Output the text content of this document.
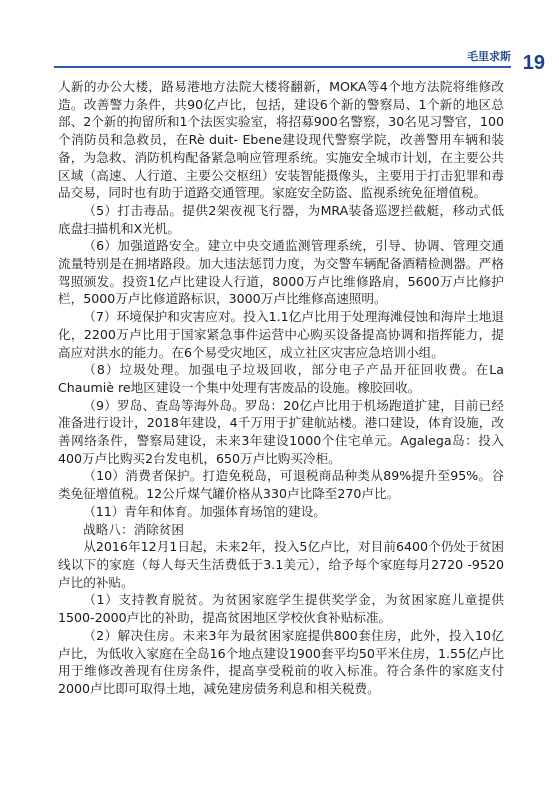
毛里求斯 19

人新的办公大楼，路易港地方法院大楼将翻新，MOKA等4个地方法院将维修改造。改善警力条件，共90亿卢比，包括，建设6个新的警察局、1个新的地区总部、2个新的拘留所和1个法医实验室，将招募900名警察，30名见习警官，100个消防员和急救员，在Rè duit- Ebene建设现代警察学院，改善警用车辆和装备，为急救、消防机构配备紧急响应管理系统。实施安全城市计划，在主要公共区域（高速、人行道、主要公交枢纽）安装智能摄像头，主要用于打击犯罪和毒品交易，同时也有助于道路交通管理。家庭安全防盗、监视系统免征增值税。

（5）打击毒品。提供2架夜视飞行器，为MRA装备巡逻拦截艇，移动式低底盘扫描机和X光机。

（6）加强道路安全。建立中央交通监测管理系统，引导、协调、管理交通流量特别是在拥堵路段。加大违法惩罚力度，为交警车辆配备酒精检测器。严格驾照颁发。投资1亿卢比建设人行道，8000万卢比维修路肩，5600万卢比修护栏，5000万卢比修道路标识，3000万卢比维修高速照明。

（7）环境保护和灾害应对。投入1.1亿卢比用于处理海滩侵蚀和海岸土地退化，2200万卢比用于国家紧急事件运营中心购买设备提高协调和指挥能力，提高应对洪水的能力。在6个易受灾地区，成立社区灾害应急培训小组。

（8）垃圾处理。加强电子垃圾回收，部分电子产品开征回收费。在La Chaumiè re地区建设一个集中处理有害废品的设施。橡胶回收。

（9）罗岛、查岛等海外岛。罗岛：20亿卢比用于机场跑道扩建，目前已经准备进行设计，2018年建设，4千万用于扩建航站楼。港口建设，体育设施，改善网络条件，警察局建设，未来3年建设1000个住宅单元。Agalega岛：投入400万卢比购买2台发电机，650万卢比购买冷柜。

（10）消费者保护。打造免税岛，可退税商品种类从89%提升至95%。谷类免征增值税。12公斤煤气罐价格从330卢比降至270卢比。

（11）青年和体育。加强体育场馆的建设。

战略八：消除贫困

从2016年12月1日起，未来2年，投入5亿卢比，对目前6400个仍处于贫困线以下的家庭（每人每天生活费低于3.1美元），给予每个家庭每月2720 -9520卢比的补贴。

（1）支持教育脱贫。为贫困家庭学生提供奖学金，为贫困家庭儿童提供1500-2000卢比的补助，提高贫困地区学校伙食补贴标准。

（2）解决住房。未来3年为最贫困家庭提供800套住房，此外，投入10亿卢比，为低收入家庭在全岛16个地点建设1900套平均50平米住房，1.55亿卢比用于维修改善现有住房条件，提高享受税前的收入标准。符合条件的家庭支付2000卢比即可取得土地，减免建房债务利息和相关税费。
